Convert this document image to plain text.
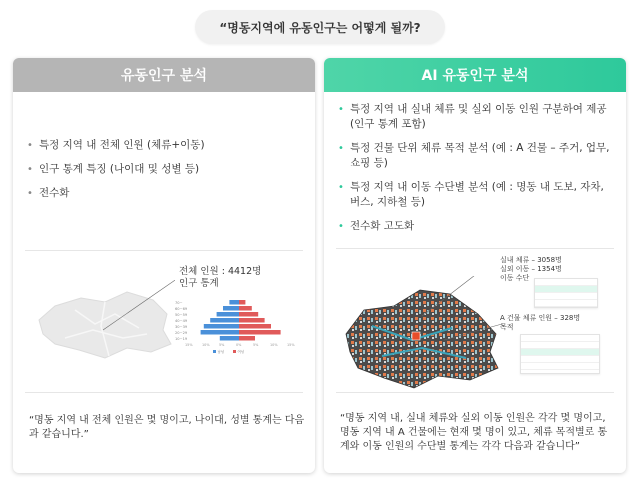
“명동지역에 유동인구는 어떻게 될까?
유동인구 분석
• 특정 지역 내 전체 인원 (체류+이동)
• 인구 통계 특징 (나이대 및 성별 등)
• 전수화
전체 인원 : 4412명
인구 통계
70~
60~69
50~59
40~49
30~39
20~29
10~19
15%	10%	5%	0%	5%	10%	15%
남성	여성
“명동 지역 내 전체 인원은 몇 명이고, 나이대, 성별 통계는 다음과 같습니다.”
AI 유동인구 분석
• 특정 지역 내 실내 체류 및 실외 이동 인원 구분하여 제공 (인구 통계 포함)
• 특정 건물 단위 체류 목적 분석 (예 : A 건물 – 주거, 업무, 쇼핑 등)
• 특정 지역 내 이동 수단별 분석 (예 : 명동 내 도보, 자차, 버스, 지하철 등)
• 전수화 고도화
실내 체류 – 3058명
실외 이동 – 1354명
이동 수단
A 건물 체류 인원 – 328명
목적
“명동 지역 내, 실내 체류와 실외 이동 인원은 각각 몇 명이고, 명동 지역 내 A 건물에는 현재 몇 명이 있고, 체류 목적별로 통계와 이동 인원의 수단별 통계는 각각 다음과 같습니다”
